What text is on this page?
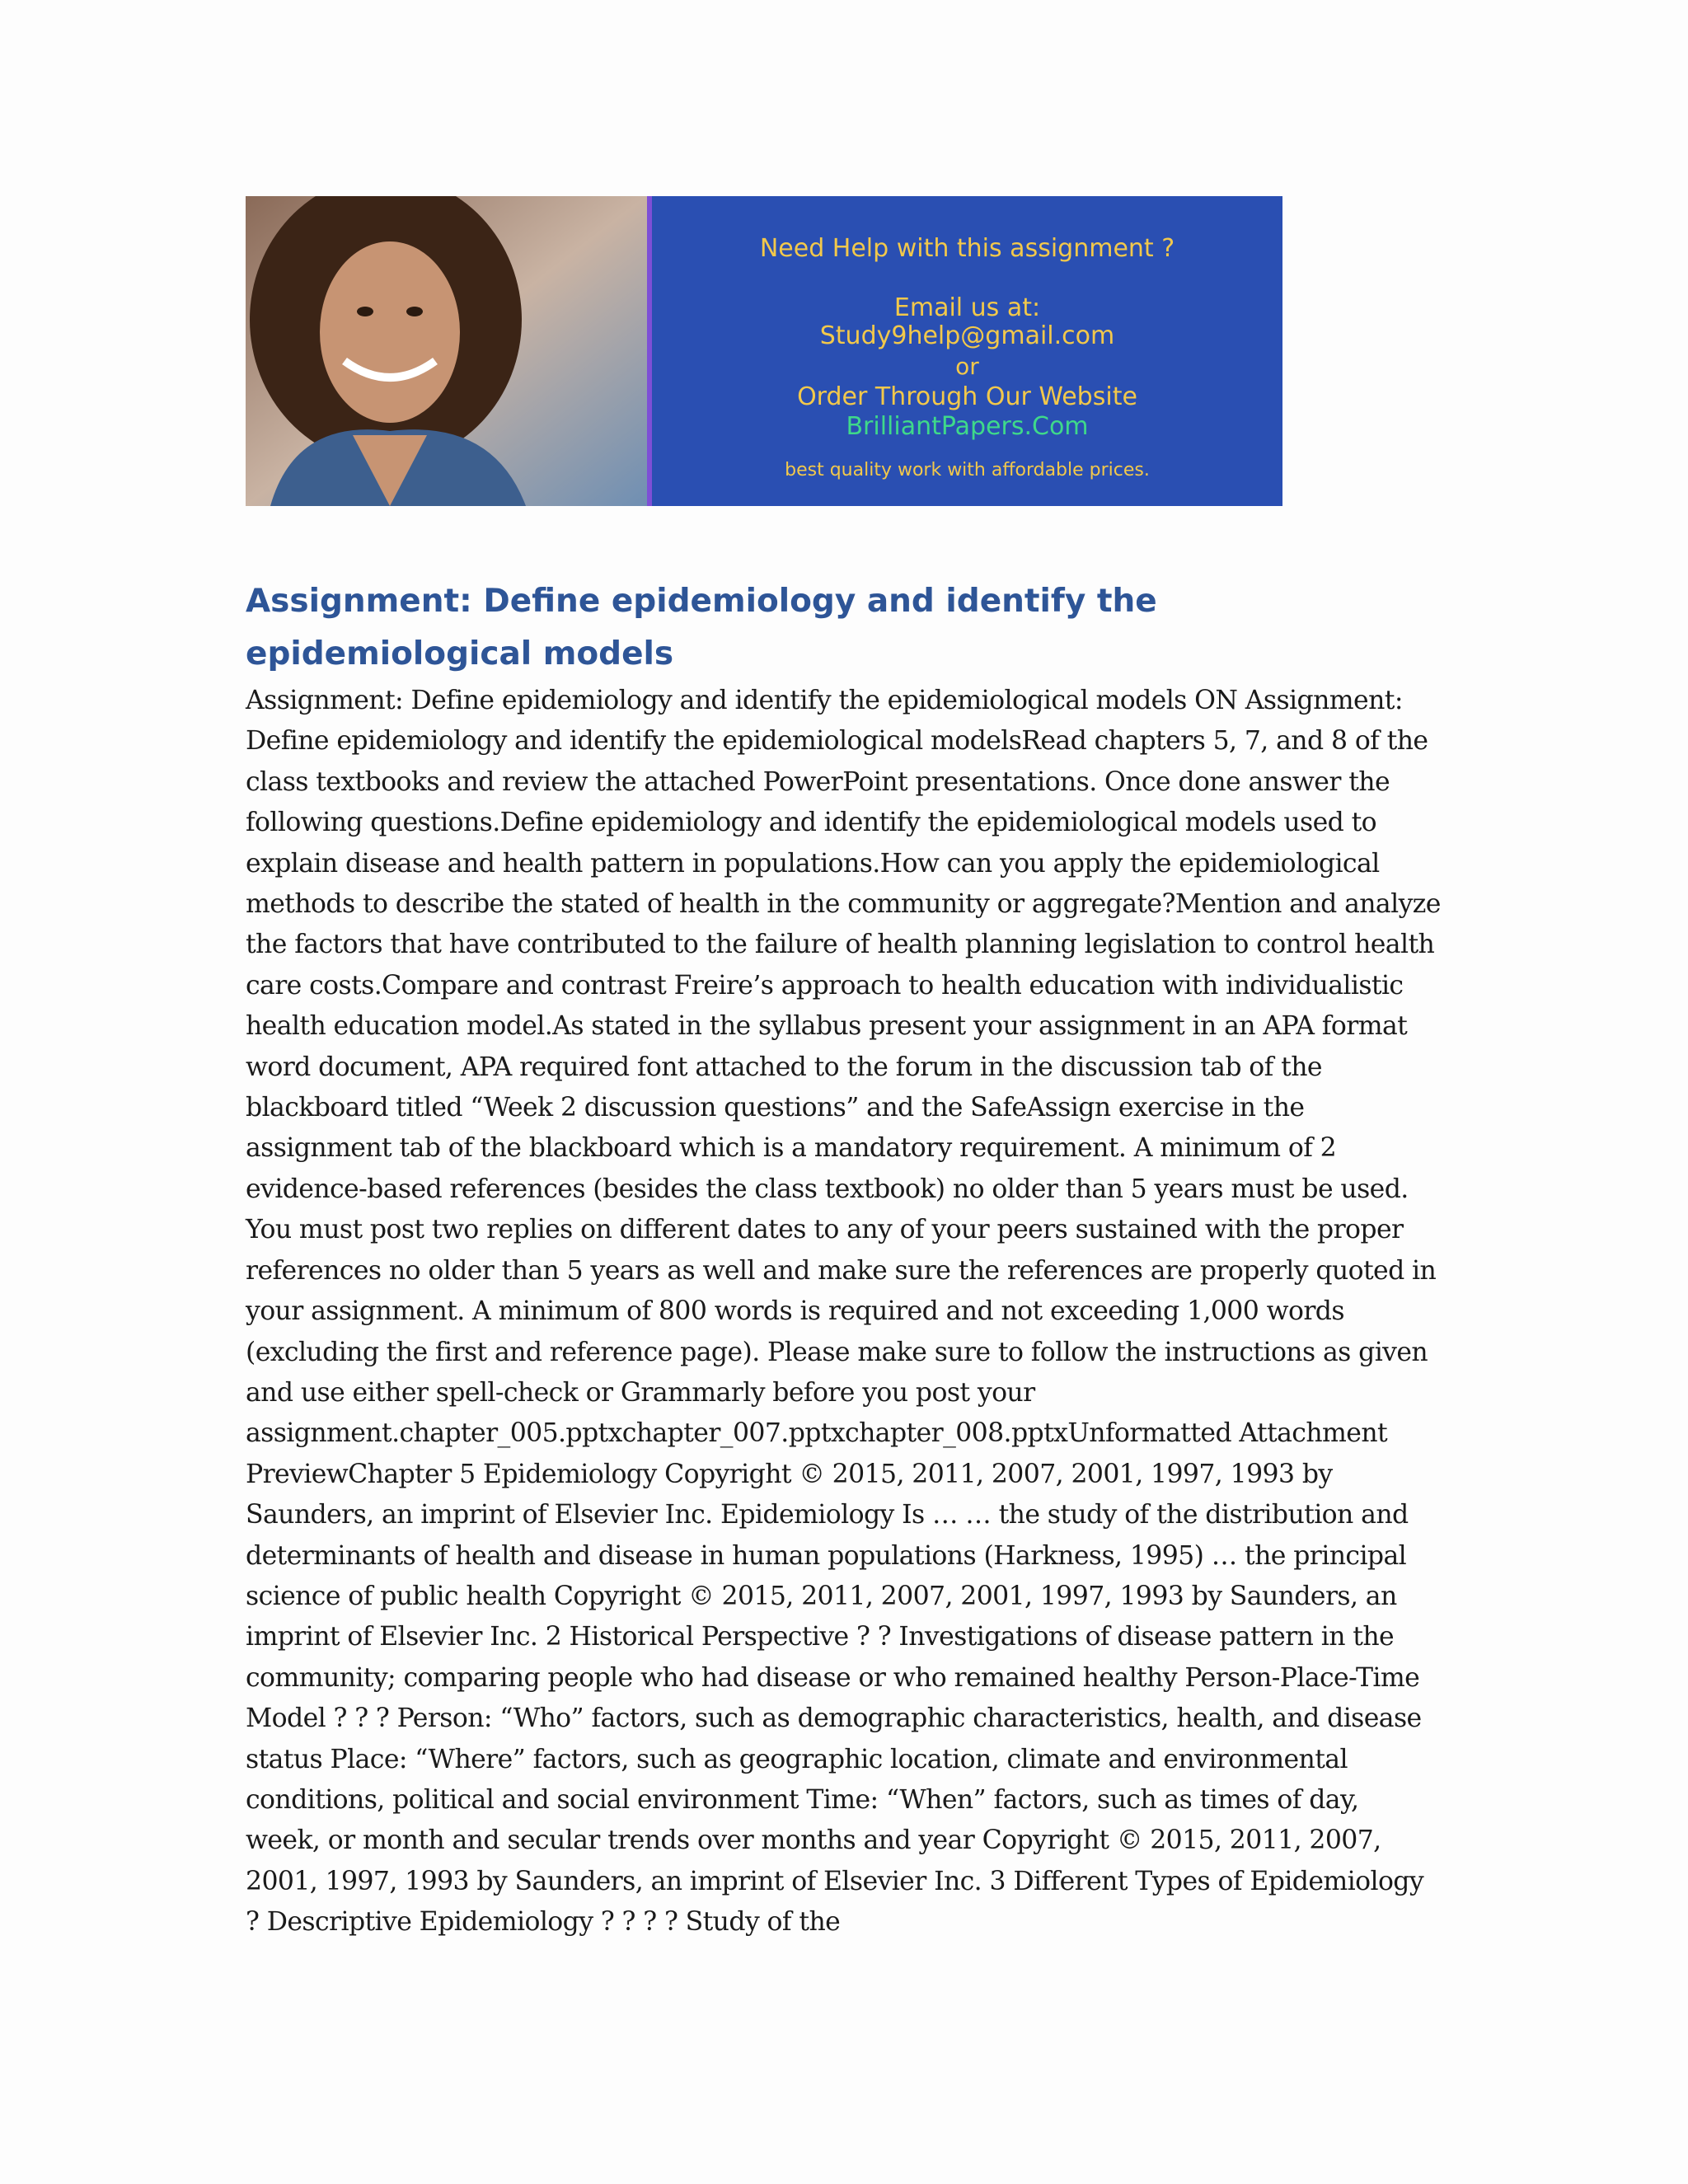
Need Help with this assignment ?
Email us at:
Study9help@gmail.com
or
Order Through Our Website
BrilliantPapers.Com
best quality work with affordable prices.
Assignment: Define epidemiology and identify the epidemiological models

Assignment: Define epidemiology and identify the epidemiological models ON Assignment: Define epidemiology and identify the epidemiological modelsRead chapters 5, 7, and 8 of the class textbooks and review the attached PowerPoint presentations. Once done answer the following questions.Define epidemiology and identify the epidemiological models used to explain disease and health pattern in populations.How can you apply the epidemiological methods to describe the stated of health in the community or aggregate?Mention and analyze the factors that have contributed to the failure of health planning legislation to control health care costs.Compare and contrast Freire’s approach to health education with individualistic health education model.As stated in the syllabus present your assignment in an APA format word document, APA required font attached to the forum in the discussion tab of the blackboard titled “Week 2 discussion questions” and the SafeAssign exercise in the assignment tab of the blackboard which is a mandatory requirement. A minimum of 2 evidence-based references (besides the class textbook) no older than 5 years must be used. You must post two replies on different dates to any of your peers sustained with the proper references no older than 5 years as well and make sure the references are properly quoted in your assignment. A minimum of 800 words is required and not exceeding 1,000 words (excluding the first and reference page). Please make sure to follow the instructions as given and use either spell-check or Grammarly before you post your assignment.chapter_005.pptxchapter_007.pptxchapter_008.pptxUnformatted Attachment PreviewChapter 5 Epidemiology Copyright © 2015, 2011, 2007, 2001, 1997, 1993 by Saunders, an imprint of Elsevier Inc. Epidemiology Is … … the study of the distribution and determinants of health and disease in human populations (Harkness, 1995) … the principal science of public health Copyright © 2015, 2011, 2007, 2001, 1997, 1993 by Saunders, an imprint of Elsevier Inc. 2 Historical Perspective ? ? Investigations of disease pattern in the community; comparing people who had disease or who remained healthy Person-Place-Time Model ? ? ? Person: “Who” factors, such as demographic characteristics, health, and disease status Place: “Where” factors, such as geographic location, climate and environmental conditions, political and social environment Time: “When” factors, such as times of day, week, or month and secular trends over months and year Copyright © 2015, 2011, 2007, 2001, 1997, 1993 by Saunders, an imprint of Elsevier Inc. 3 Different Types of Epidemiology ? Descriptive Epidemiology ? ? ? ? Study of the
